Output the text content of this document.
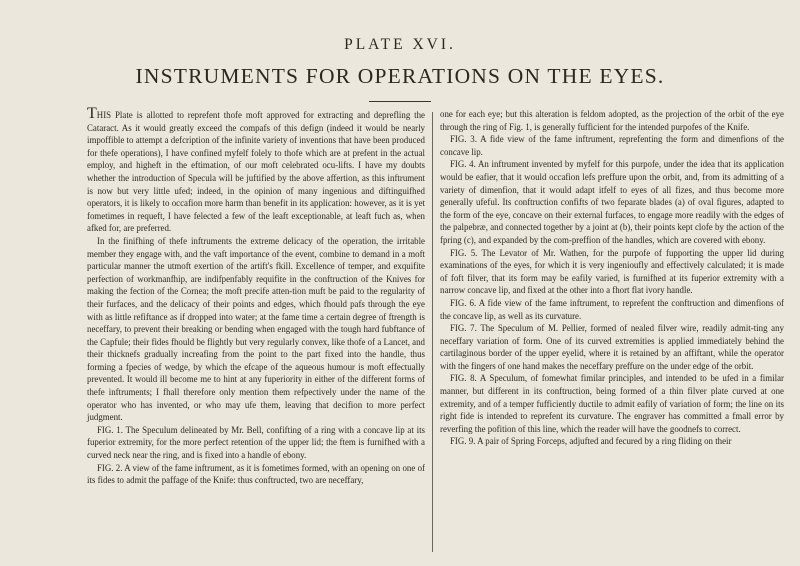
PLATE XVI.
INSTRUMENTS FOR OPERATIONS ON THE EYES.

THIS Plate is allotted to reprefent thofe moft approved for extracting and deprefling the Cataract. As it would greatly exceed the compafs of this defign (indeed it would be nearly impoffible to attempt a defcription of the infinite variety of inventions that have been produced for thefe operations), I have confined myfelf folely to thofe which are at prefent in the actual employ, and higheft in the eftimation, of our moft celebrated ocu-lifts. I have my doubts whether the introduction of Specula will be juftified by the above affertion, as this inftrument is now but very little ufed; indeed, in the opinion of many ingenious and diftinguifhed operators, it is likely to occafion more harm than benefit in its application: however, as it is yet fometimes in requeft, I have felected a few of the leaft exceptionable, at leaft fuch as, when afked for, are preferred.

In the finifhing of thefe inftruments the extreme delicacy of the operation, the irritable member they engage with, and the vaft importance of the event, combine to demand in a moft particular manner the utmoft exertion of the artift's fkill. Excellence of temper, and exquifite perfection of workmanfhip, are indifpenfably requifite in the conftruction of the Knives for making the fection of the Cornea; the moft precife atten-tion muft be paid to the regularity of their furfaces, and the delicacy of their points and edges, which fhould pafs through the eye with as little refiftance as if dropped into water; at the fame time a certain degree of ftrength is neceffary, to prevent their breaking or bending when engaged with the tough hard fubftance of the Capfule; their fides fhould be flightly but very regularly convex, like thofe of a Lancet, and their thicknefs gradually increafing from the point to the part fixed into the handle, thus forming a fpecies of wedge, by which the efcape of the aqueous humour is moft effectually prevented. It would ill become me to hint at any fuperiority in either of the different forms of thefe inftruments; I fhall therefore only mention them refpectively under the name of the operator who has invented, or who may ufe them, leaving that decifion to more perfect judgment.

FIG. 1. The Speculum delineated by Mr. Bell, confifting of a ring with a concave lip at its fuperior extremity, for the more perfect retention of the upper lid; the ftem is furnifhed with a curved neck near the ring, and is fixed into a handle of ebony.

FIG. 2. A view of the fame inftrument, as it is fometimes formed, with an opening on one of its fides to admit the paffage of the Knife: thus conftructed, two are neceffary,

one for each eye; but this alteration is feldom adopted, as the projection of the orbit of the eye through the ring of Fig. 1, is generally fufficient for the intended purpofes of the Knife.

FIG. 3. A fide view of the fame inftrument, reprefenting the form and dimenfions of the concave lip.

FIG. 4. An inftrument invented by myfelf for this purpofe, under the idea that its application would be eafier, that it would occafion lefs preffure upon the orbit, and, from its admitting of a variety of dimenfion, that it would adapt itfelf to eyes of all fizes, and thus become more generally ufeful. Its conftruction confifts of two feparate blades (a) of oval figures, adapted to the form of the eye, concave on their external furfaces, to engage more readily with the edges of the palpebræ, and connected together by a joint at (b), their points kept clofe by the action of the fpring (c), and expanded by the com-preffion of the handles, which are covered with ebony.

FIG. 5. The Levator of Mr. Wathen, for the purpofe of fupporting the upper lid during examinations of the eyes, for which it is very ingenioufly and effectively calculated; it is made of foft filver, that its form may be eafily varied, is furnifhed at its fuperior extremity with a narrow concave lip, and fixed at the other into a fhort flat ivory handle.

FIG. 6. A fide view of the fame inftrument, to reprefent the conftruction and dimenfions of the concave lip, as well as its curvature.

FIG. 7. The Speculum of M. Pellier, formed of nealed filver wire, readily admit-ting any neceffary variation of form. One of its curved extremities is applied immediately behind the cartilaginous border of the upper eyelid, where it is retained by an affiftant, while the operator with the fingers of one hand makes the neceffary preffure on the under edge of the orbit.

FIG. 8. A Speculum, of fomewhat fimilar principles, and intended to be ufed in a fimilar manner, but different in its conftruction, being formed of a thin filver plate curved at one extremity, and of a temper fufficiently ductile to admit eafily of variation of form; the line on its right fide is intended to reprefent its curvature. The engraver has committed a fmall error by reverfing the pofition of this line, which the reader will have the goodnefs to correct.

FIG. 9. A pair of Spring Forceps, adjufted and fecured by a ring fliding on their
